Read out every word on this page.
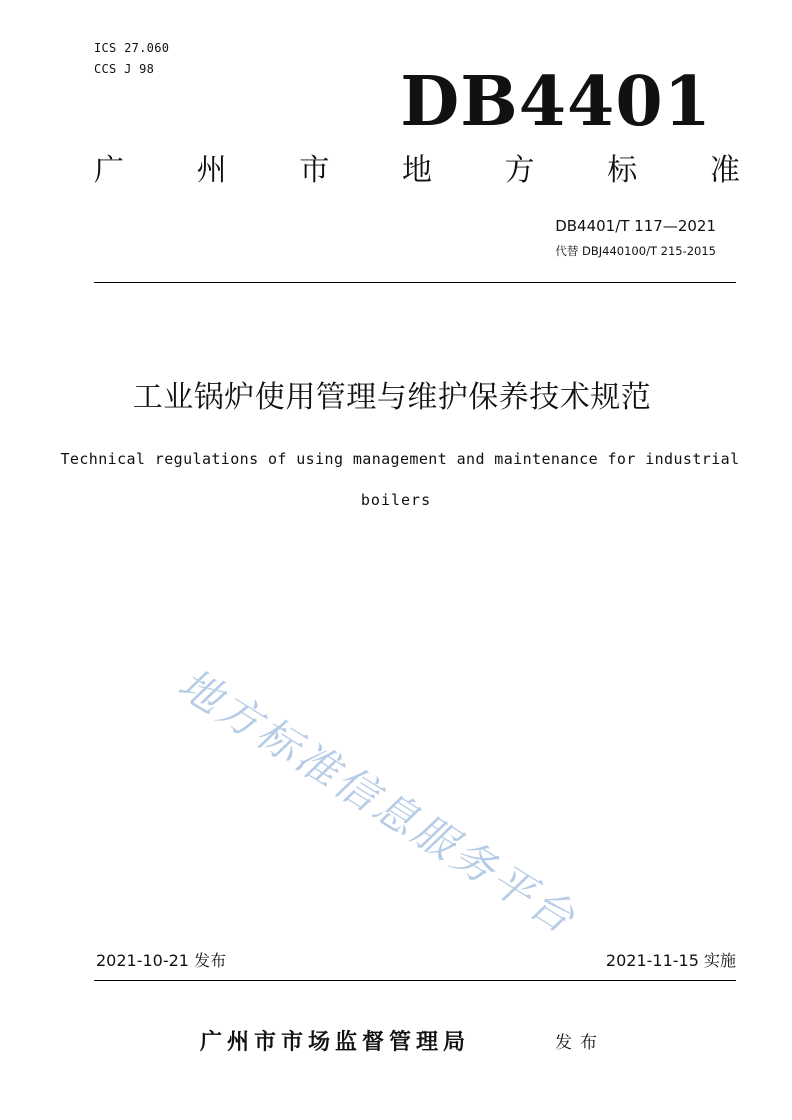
ICS 27.060
CCS J 98	DB4401
广 州 市 地 方 标 准
DB4401/T 117—2021
代替 DBJ440100/T 215-2015
工业锅炉使用管理与维护保养技术规范
Technical regulations of using management and maintenance for industrial
boilers
地方标准信息服务平台
2021-10-21 发布	2021-11-15 实施
广州市市场监督管理局	发布
